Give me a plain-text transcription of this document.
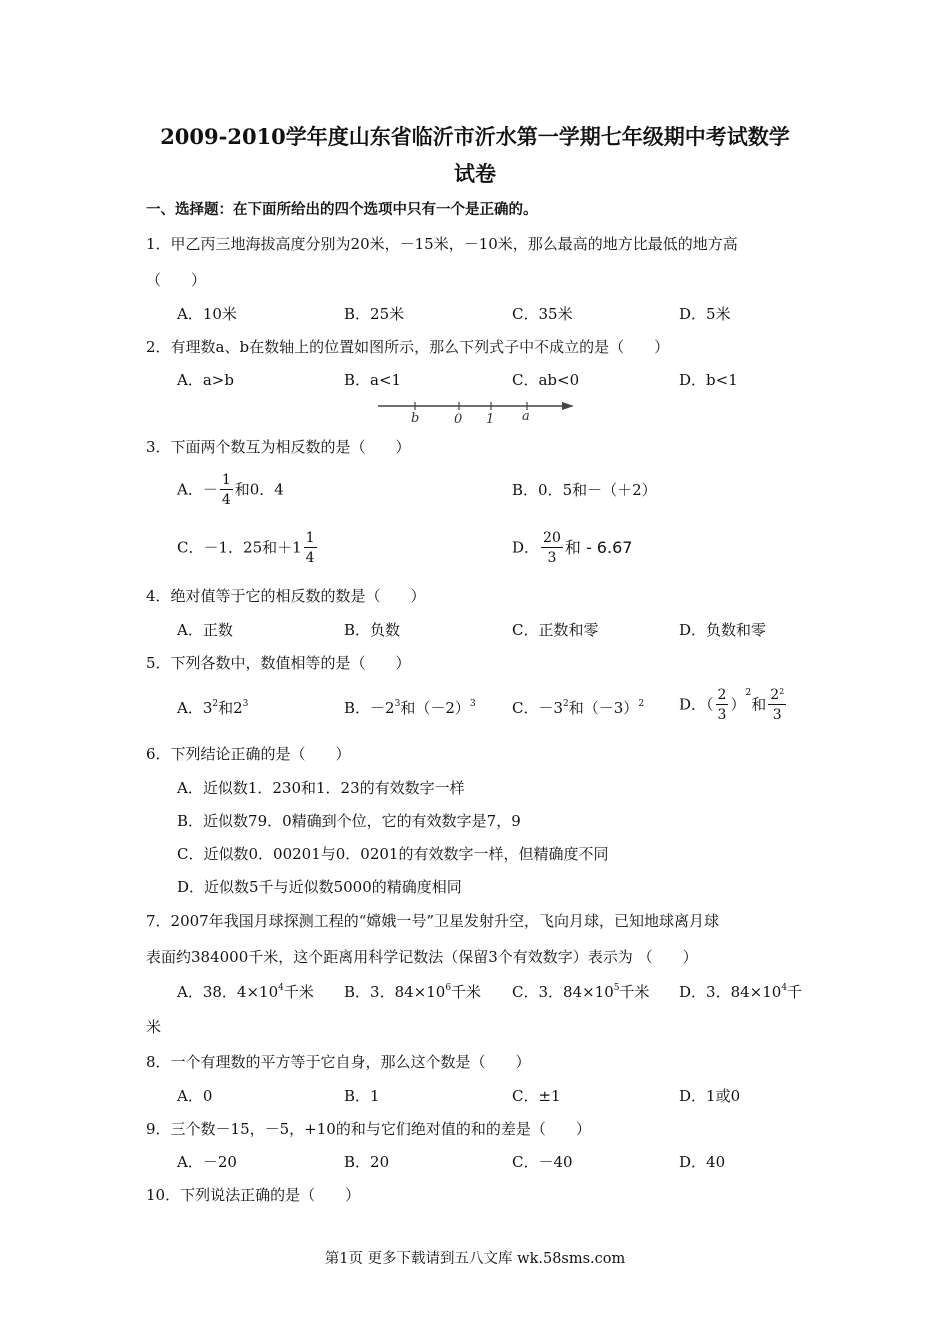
2009-2010学年度山东省临沂市沂水第一学期七年级期中考试数学
试卷
一、选择题：在下面所给出的四个选项中只有一个是正确的。
1．甲乙丙三地海拔高度分别为20米，－15米，－10米，那么最高的地方比最低的地方高
（　　）
A．10米	B．25米	C．35米	D．5米
2．有理数a、b在数轴上的位置如图所示，那么下列式子中不成立的是（　　）
A．a>b	B．a<1	C．ab<0	D．b<1
b	0 1 a
3．下面两个数互为相反数的是（　　）
A．－ $\frac{1}{4}$ 和0．4	B．0．5和－（＋2）
C．－1．25和$+1 \frac{1}{4}$	D． $\frac{20}{3}$ 和 - 6.67
4．绝对值等于它的相反数的数是（　　）
A．正数	B．负数	C．正数和零	D．负数和零
5．下列各数中，数值相等的是（　　）
A．$3^2$和$2^3$	B．$-2^3$和$(-2)^3$ C．$-3^2$和$(-3)^2$ D．（ $\frac{2}{3} )^2$和 $\frac{2^2}{3}$
6．下列结论正确的是（　　）
A．近似数1．230和1．23的有效数字一样
B．近似数79．0精确到个位，它的有效数字是7，9
C．近似数0．00201与0．0201的有效数字一样，但精确度不同
D．近似数5千与近似数5000的精确度相同
7．2007年我国月球探测工程的“嫦娥一号”卫星发射升空，飞向月球，已知地球离月球
表面约384000千米，这个距离用科学记数法（保留3个有效数字）表示为 （　　）
A．38．$4\times 10^4$千米 B．3．$84\times 10^6$千米 C．3．$84\times 10^5$千米 D．3．$84\times 10^4$千
米
8．一个有理数的平方等于它自身，那么这个数是（　　）
A．0	B．1	C．±1	D．1或0
9．三个数－15，－5，+10的和与它们绝对值的和的差是（　　）
A．－20	B．20	C．－40	D．40
10．下列说法正确的是（　　）
第1页 更多下载请到五八文库 wk.58sms.com
